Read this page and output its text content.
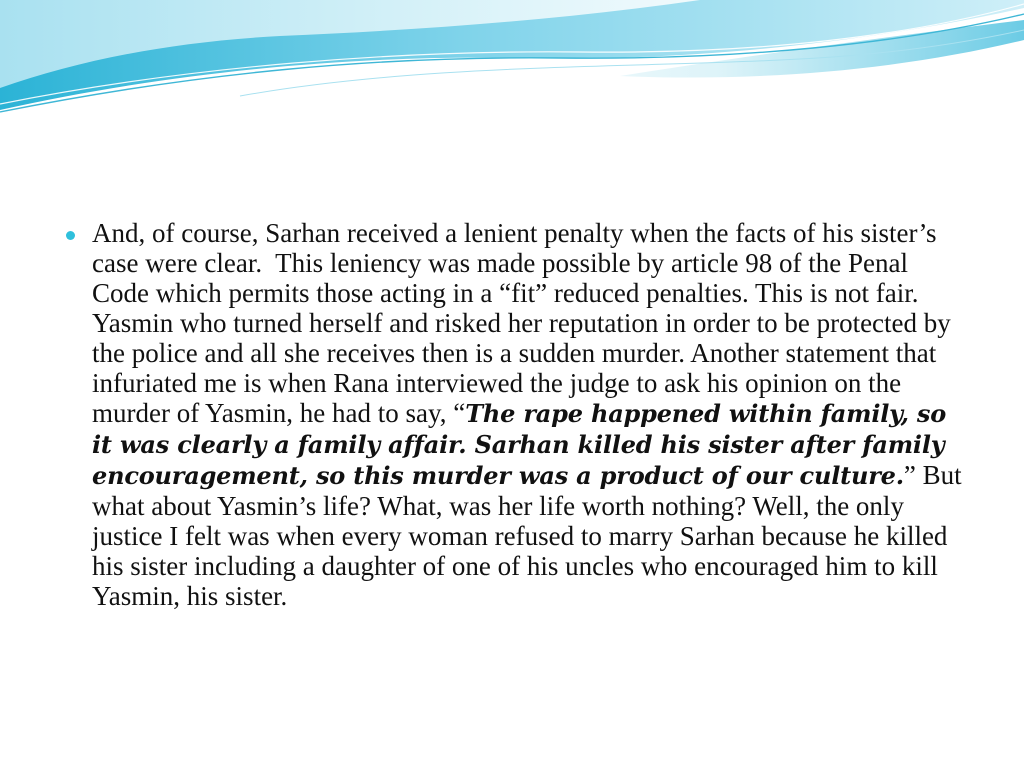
And, of course, Sarhan received a lenient penalty when the facts of his sister’s case were clear.  This leniency was made possible by article 98 of the Penal Code which permits those acting in a “fit” reduced penalties. This is not fair. Yasmin who turned herself and risked her reputation in order to be protected by the police and all she receives then is a sudden murder. Another statement that infuriated me is when Rana interviewed the judge to ask his opinion on the murder of Yasmin, he had to say, “The rape happened within family, so it was clearly a family affair. Sarhan killed his sister after family encouragement, so this murder was a product of our culture.” But what about Yasmin’s life? What, was her life worth nothing? Well, the only justice I felt was when every woman refused to marry Sarhan because he killed his sister including a daughter of one of his uncles who encouraged him to kill Yasmin, his sister.
